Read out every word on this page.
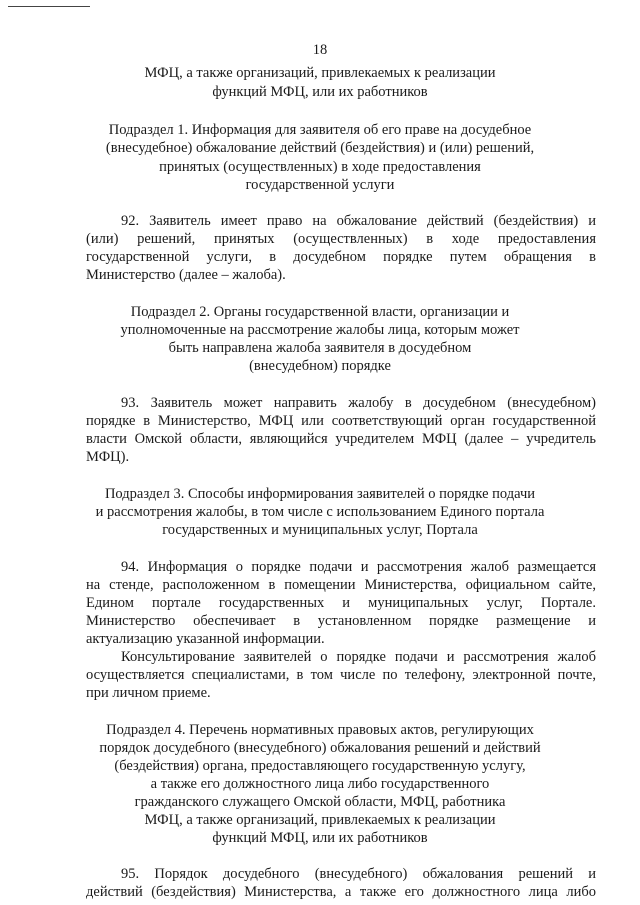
18
МФЦ, а также организаций, привлекаемых к реализации
функций МФЦ, или их работников
Подраздел 1. Информация для заявителя об его праве на досудебное
(внесудебное) обжалование действий (бездействия) и (или) решений,
принятых (осуществленных) в ходе предоставления
государственной услуги
92. Заявитель имеет право на обжалование действий (бездействия) и
(или) решений, принятых (осуществленных) в ходе предоставления
государственной услуги, в досудебном порядке путем обращения в
Министерство (далее – жалоба).
Подраздел 2. Органы государственной власти, организации и
уполномоченные на рассмотрение жалобы лица, которым может
быть направлена жалоба заявителя в досудебном
(внесудебном) порядке
93. Заявитель может направить жалобу в досудебном (внесудебном)
порядке в Министерство, МФЦ или соответствующий орган государственной
власти Омской области, являющийся учредителем МФЦ (далее – учредитель
МФЦ).
Подраздел 3. Способы информирования заявителей о порядке подачи
и рассмотрения жалобы, в том числе с использованием Единого портала
государственных и муниципальных услуг, Портала
94. Информация о порядке подачи и рассмотрения жалоб размещается
на стенде, расположенном в помещении Министерства, официальном сайте,
Едином портале государственных и муниципальных услуг, Портале.
Министерство обеспечивает в установленном порядке размещение и
актуализацию указанной информации.
Консультирование заявителей о порядке подачи и рассмотрения жалоб
осуществляется специалистами, в том числе по телефону, электронной почте,
при личном приеме.
Подраздел 4. Перечень нормативных правовых актов, регулирующих
порядок досудебного (внесудебного) обжалования решений и действий
(бездействия) органа, предоставляющего государственную услугу,
а также его должностного лица либо государственного
гражданского служащего Омской области, МФЦ, работника
МФЦ, а также организаций, привлекаемых к реализации
функций МФЦ, или их работников
95. Порядок досудебного (внесудебного) обжалования решений и
действий (бездействия) Министерства, а также его должностного лица либо
